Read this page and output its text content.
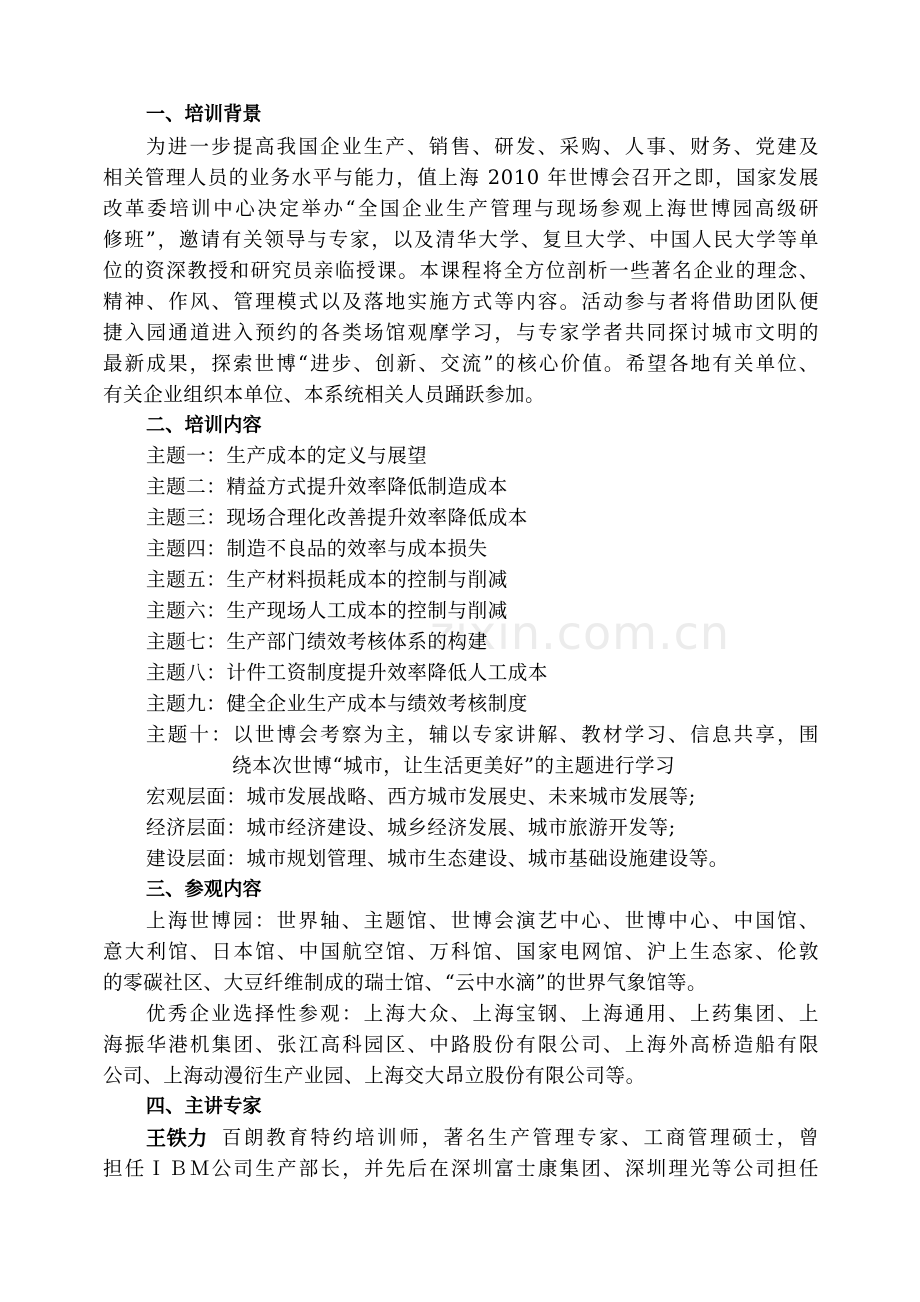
zixin.com.cn
一、培训背景
为进一步提高我国企业生产、销售、研发、采购、人事、财务、党建及
相关管理人员的业务水平与能力，值上海 2010 年世博会召开之即，国家发展
改革委培训中心决定举办“全国企业生产管理与现场参观上海世博园高级研
修班”，邀请有关领导与专家，以及清华大学、复旦大学、中国人民大学等单
位的资深教授和研究员亲临授课。本课程将全方位剖析一些著名企业的理念、
精神、作风、管理模式以及落地实施方式等内容。活动参与者将借助团队便
捷入园通道进入预约的各类场馆观摩学习，与专家学者共同探讨城市文明的
最新成果，探索世博“进步、创新、交流”的核心价值。希望各地有关单位、
有关企业组织本单位、本系统相关人员踊跃参加。
二、培训内容
主题一：生产成本的定义与展望
主题二：精益方式提升效率降低制造成本
主题三：现场合理化改善提升效率降低成本
主题四：制造不良品的效率与成本损失
主题五：生产材料损耗成本的控制与削减
主题六：生产现场人工成本的控制与削减
主题七：生产部门绩效考核体系的构建
主题八：计件工资制度提升效率降低人工成本
主题九：健全企业生产成本与绩效考核制度
主题十：以世博会考察为主，辅以专家讲解、教材学习、信息共享，围
绕本次世博“城市，让生活更美好”的主题进行学习
宏观层面：城市发展战略、西方城市发展史、未来城市发展等;
经济层面：城市经济建设、城乡经济发展、城市旅游开发等;
建设层面：城市规划管理、城市生态建设、城市基础设施建设等。
三、参观内容
上海世博园：世界轴、主题馆、世博会演艺中心、世博中心、中国馆、
意大利馆、日本馆、中国航空馆、万科馆、国家电网馆、沪上生态家、伦敦
的零碳社区、大豆纤维制成的瑞士馆、“云中水滴”的世界气象馆等。
优秀企业选择性参观：上海大众、上海宝钢、上海通用、上药集团、上
海振华港机集团、张江高科园区、中路股份有限公司、上海外高桥造船有限
公司、上海动漫衍生产业园、上海交大昂立股份有限公司等。
四、主讲专家
王铁力 百朗教育特约培训师，著名生产管理专家、工商管理硕士，曾
担任ＩＢＭ公司生产部长，并先后在深圳富士康集团、深圳理光等公司担任
